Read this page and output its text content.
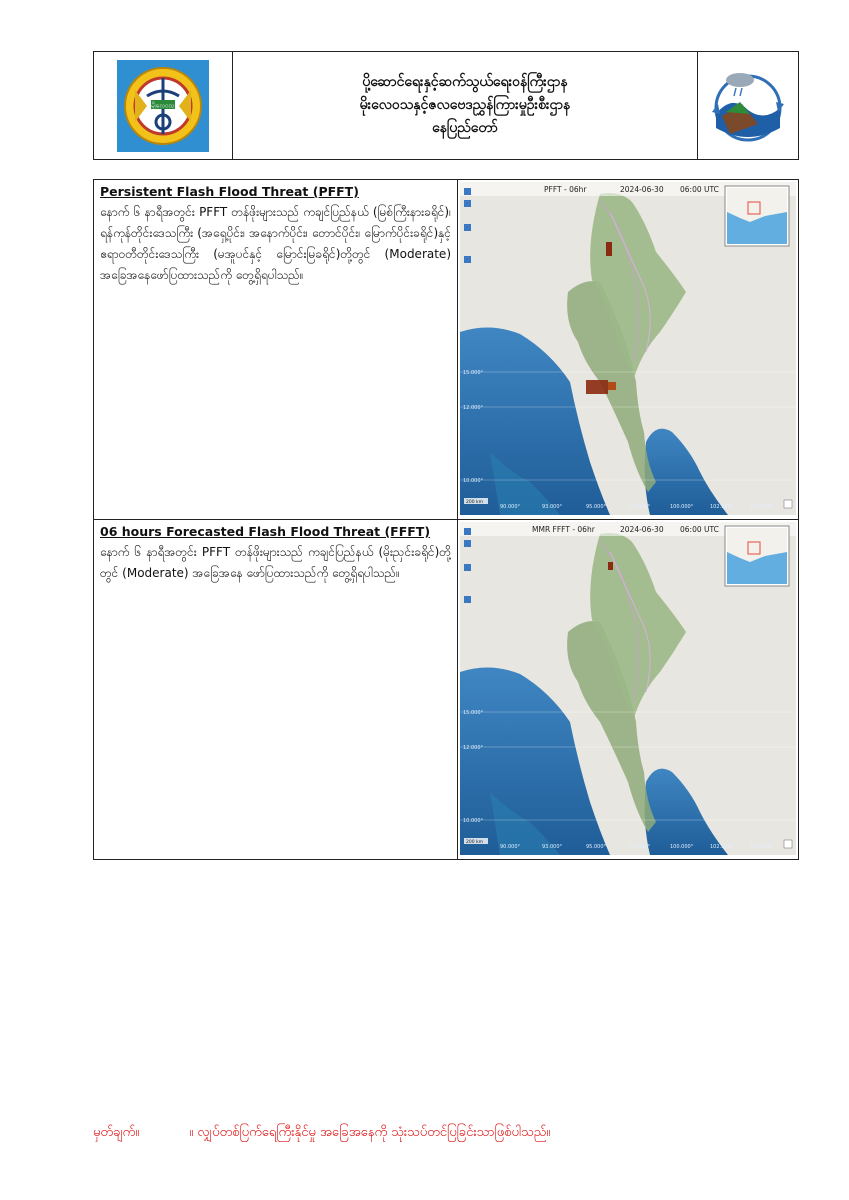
မိုးလေဝသ
ပို့ဆောင်ရေးနှင့်ဆက်သွယ်ရေးဝန်ကြီးဌာန
မိုးလေဝသနှင့်ဇလဗေဒညွှန်ကြားမှုဦးစီးဌာန
နေပြည်တော်

Persistent Flash Flood Threat (PFFT)

နောက် ၆ နာရီအတွင်း PFFT တန်ဖိုးများသည် ကချင်ပြည်နယ် (မြစ်ကြီးနားခရိုင်)၊ ရန်ကုန်တိုင်းဒေသကြီး (အရှေ့ပိုင်း၊ အနောက်ပိုင်း၊ တောင်ပိုင်း၊ မြောက်ပိုင်းခရိုင်)နှင့် ဧရာဝတီတိုင်းဒေသကြီး (မအူပင်နှင့် မြောင်းမြခရိုင်)တို့တွင် (Moderate) အခြေအနေဖော်ပြထားသည်ကို တွေ့ရှိရပါသည်။

PFFT - 06hr	2024-06-30 06:00 UTC
15.000°
12.000°
10.000°
90.000°	93.000°	95.000°	97.500°	100.000°	102.500°	105.000°
200 km

06 hours Forecasted Flash Flood Threat (FFFT)

နောက် ၆ နာရီအတွင်း PFFT တန်ဖိုးများသည် ကချင်ပြည်နယ် (မိုးညှင်းခရိုင်)တို့တွင် (Moderate) အခြေအနေ ဖော်ပြထားသည်ကို တွေ့ရှိရပါသည်။

MMR FFFT - 06hr	2024-06-30 06:00 UTC
15.000°
12.000°
10.000°
90.000°	93.000°	95.000°	97.500°	100.000°	102.500°	105.000°
200 km
မှတ်ချက်။	။ လျှပ်တစ်ပြက်ရေကြီးနိုင်မှု အခြေအနေကို သုံးသပ်တင်ပြခြင်းသာဖြစ်ပါသည်။
